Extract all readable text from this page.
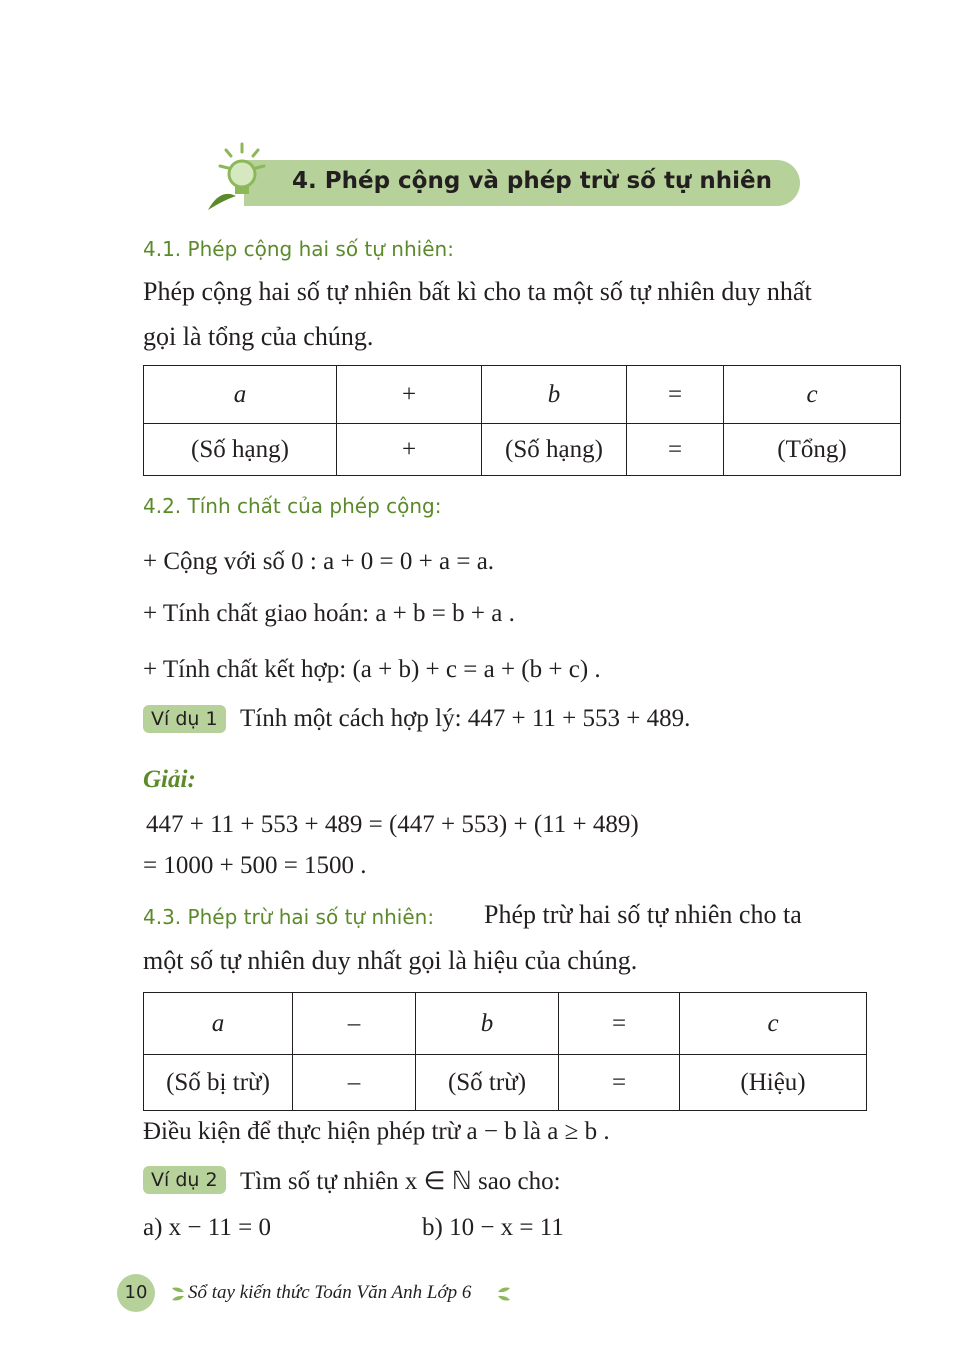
4. Phép cộng và phép trừ số tự nhiên
4.1. Phép cộng hai số tự nhiên:
Phép cộng hai số tự nhiên bất kì cho ta một số tự nhiên duy nhất
gọi là tổng của chúng.
a	+	b	=	c
(Số hạng)	+	(Số hạng)	=	(Tổng)
4.2. Tính chất của phép cộng:
+ Cộng với số 0 : a + 0 = 0 + a = a.
+ Tính chất giao hoán: a + b = b + a .
+ Tính chất kết hợp: (a + b) + c = a + (b + c) .
Ví dụ 1 Tính một cách hợp lý: 447 + 11 + 553 + 489.
Giải:
447 + 11 + 553 + 489 = (447 + 553) + (11 + 489)
= 1000 + 500 = 1500 .
4.3. Phép trừ hai số tự nhiên: Phép trừ hai số tự nhiên cho ta
một số tự nhiên duy nhất gọi là hiệu của chúng.
a	–	b	=	c
(Số bị trừ)	–	(Số trừ)	=	(Hiệu)
Điều kiện để thực hiện phép trừ a − b là a ≥ b .
Ví dụ 2 Tìm số tự nhiên x ∈ ℕ sao cho:
a) x − 11 = 0	b) 10 − x = 11
10	Sổ tay kiến thức Toán Văn Anh Lớp 6
